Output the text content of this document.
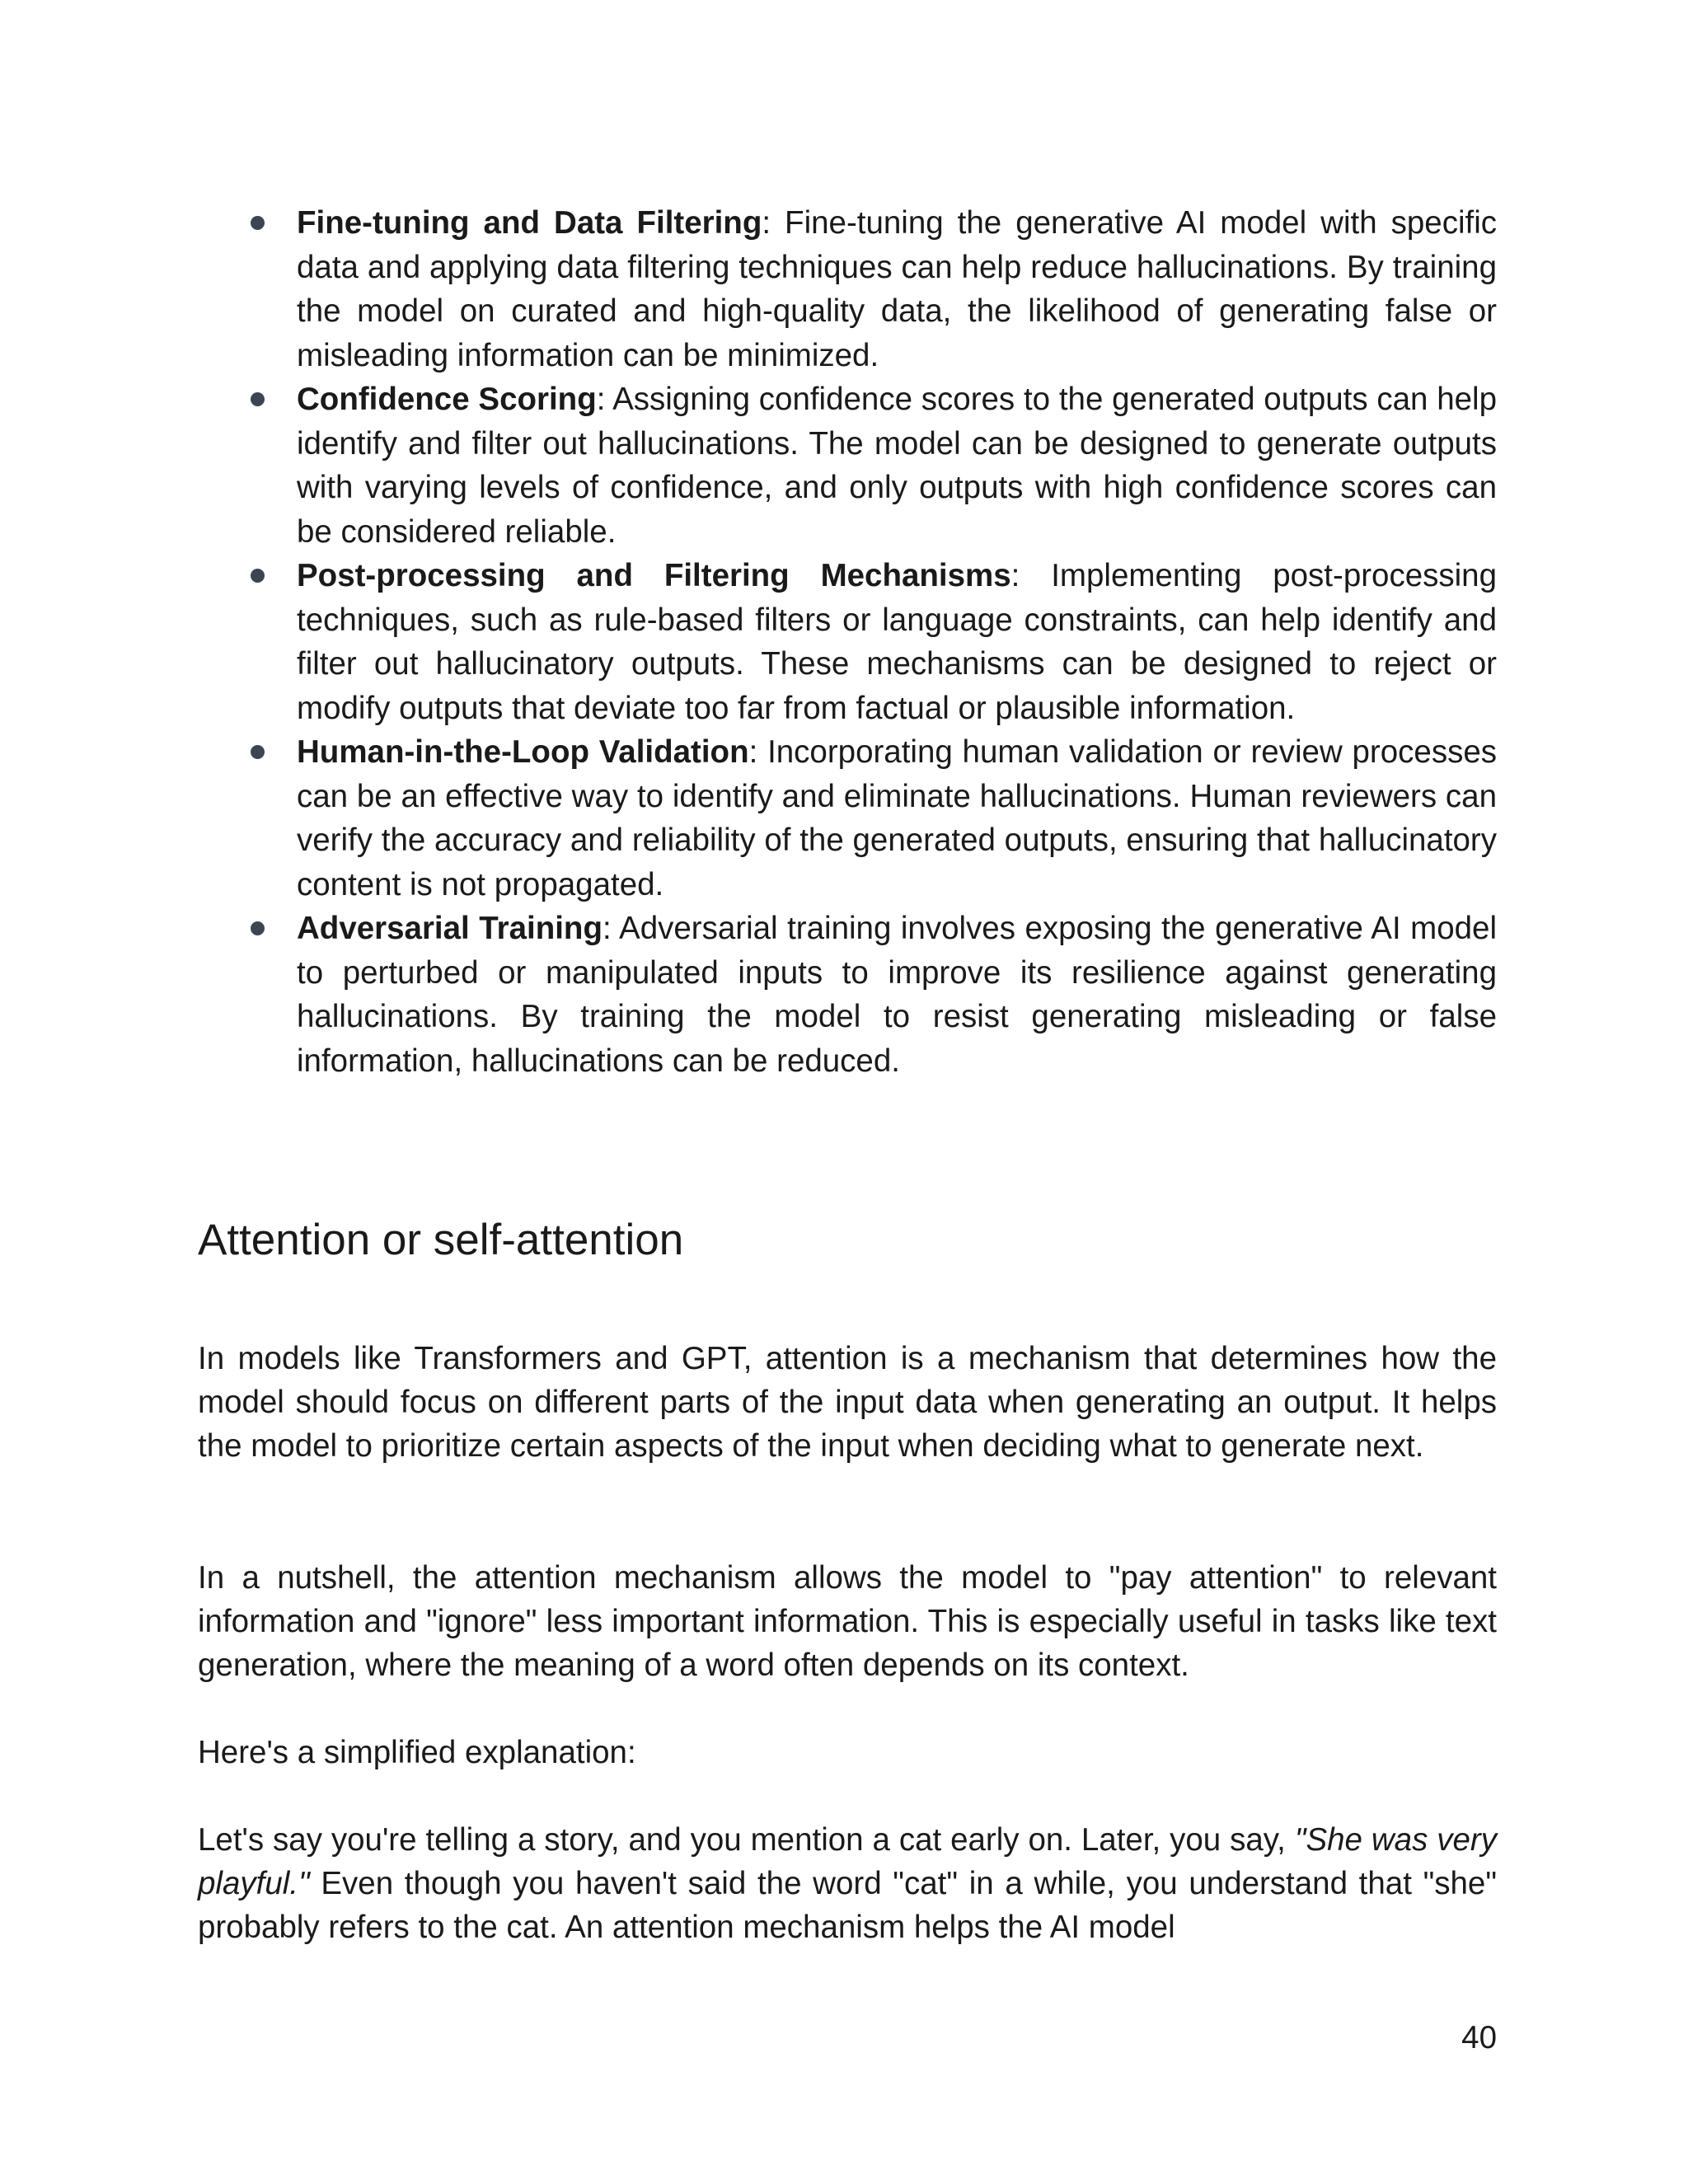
Fine-tuning and Data Filtering: Fine-tuning the generative AI model with specific data and applying data filtering techniques can help reduce hallucinations. By training the model on curated and high-quality data, the likelihood of generating false or misleading information can be minimized.
Confidence Scoring: Assigning confidence scores to the generated outputs can help identify and filter out hallucinations. The model can be designed to generate outputs with varying levels of confidence, and only outputs with high confidence scores can be considered reliable.
Post-processing and Filtering Mechanisms: Implementing post-processing techniques, such as rule-based filters or language constraints, can help identify and filter out hallucinatory outputs. These mechanisms can be designed to reject or modify outputs that deviate too far from factual or plausible information.
Human-in-the-Loop Validation: Incorporating human validation or review processes can be an effective way to identify and eliminate hallucinations. Human reviewers can verify the accuracy and reliability of the generated outputs, ensuring that hallucinatory content is not propagated.
Adversarial Training: Adversarial training involves exposing the generative AI model to perturbed or manipulated inputs to improve its resilience against generating hallucinations. By training the model to resist generating misleading or false information, hallucinations can be reduced.
Attention or self-attention

In models like Transformers and GPT, attention is a mechanism that determines how the model should focus on different parts of the input data when generating an output. It helps the model to prioritize certain aspects of the input when deciding what to generate next.

In a nutshell, the attention mechanism allows the model to "pay attention" to relevant information and "ignore" less important information. This is especially useful in tasks like text generation, where the meaning of a word often depends on its context.

Here's a simplified explanation:

Let's say you're telling a story, and you mention a cat early on. Later, you say, "She was very playful." Even though you haven't said the word "cat" in a while, you understand that "she" probably refers to the cat. An attention mechanism helps the AI model

40
